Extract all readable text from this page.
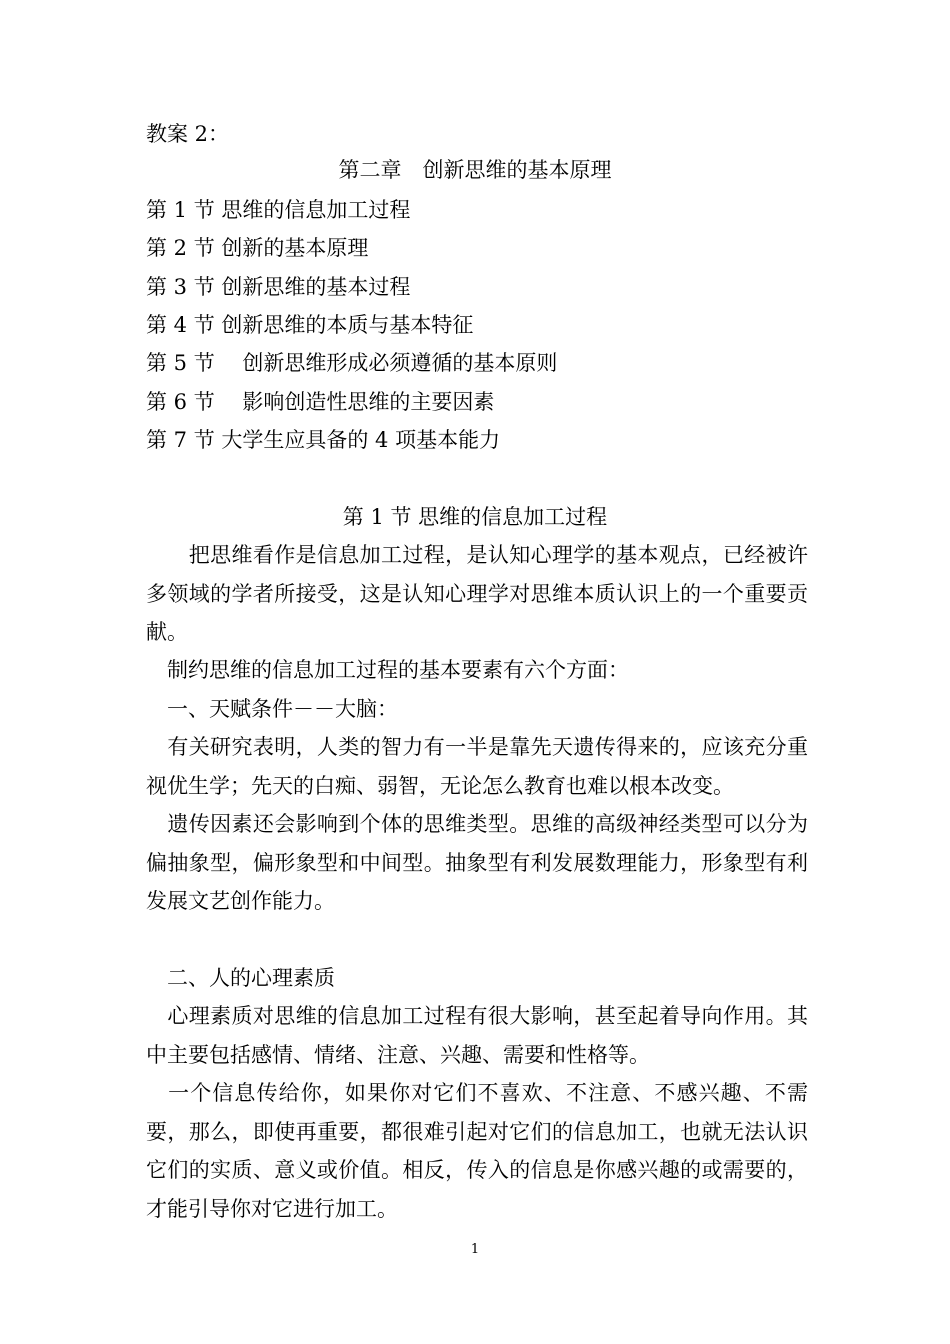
教案 2：
第二章　创新思维的基本原理
第 1 节 思维的信息加工过程
第 2 节 创新的基本原理
第 3 节 创新思维的基本过程
第 4 节 创新思维的本质与基本特征
第 5 节　 创新思维形成必须遵循的基本原则
第 6 节　 影响创造性思维的主要因素
第 7 节 大学生应具备的 4 项基本能力
第 1 节 思维的信息加工过程
　　把思维看作是信息加工过程，是认知心理学的基本观点，已经被许多领域的学者所接受，这是认知心理学对思维本质认识上的一个重要贡献。
　制约思维的信息加工过程的基本要素有六个方面：
　一、天赋条件－－大脑：
　有关研究表明，人类的智力有一半是靠先天遗传得来的，应该充分重视优生学；先天的白痴、弱智，无论怎么教育也难以根本改变。
　遗传因素还会影响到个体的思维类型。思维的高级神经类型可以分为偏抽象型，偏形象型和中间型。抽象型有利发展数理能力，形象型有利发展文艺创作能力。
　二、人的心理素质
　心理素质对思维的信息加工过程有很大影响，甚至起着导向作用。其中主要包括感情、情绪、注意、兴趣、需要和性格等。
　一个信息传给你，如果你对它们不喜欢、不注意、不感兴趣、不需要，那么，即使再重要，都很难引起对它们的信息加工，也就无法认识它们的实质、意义或价值。相反，传入的信息是你感兴趣的或需要的，才能引导你对它进行加工。
1
